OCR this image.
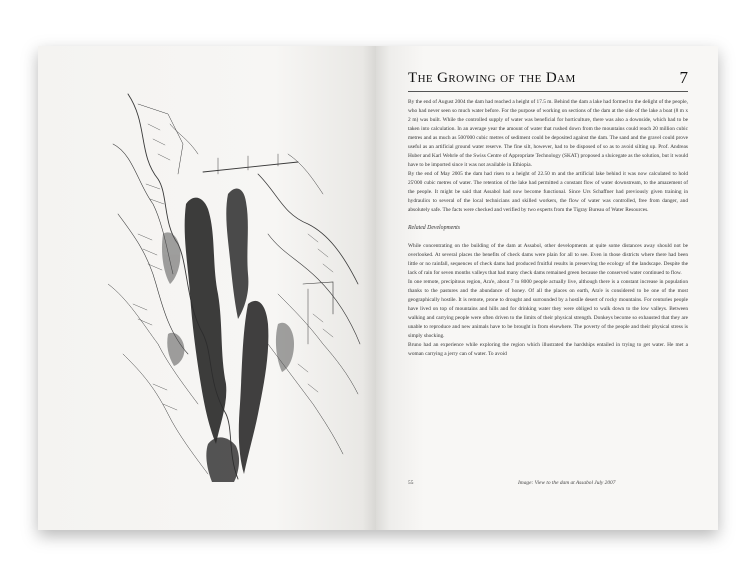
The Growing of the Dam	7

By the end of August 2004 the dam had reached a height of 17.5 m. Behind the dam a lake had formed to the delight of the people, who had never seen so much water before. For the purpose of working on sections of the dam at the side of the lake a boat (8 m x 2 m) was built. While the controlled supply of water was beneficial for horticulture, there was also a downside, which had to be taken into calculation. In an average year the amount of water that rushed down from the mountains could reach 20 million cubic metres and as much as 500'000 cubic metres of sediment could be deposited against the dam. The sand and the gravel could prove useful as an artificial ground water reserve. The fine silt, however, had to be disposed of so as to avoid silting up. Prof. Andreas Huber and Karl Wehrle of the Swiss Centre of Appropriate Technology (SKAT) proposed a sluicegate as the solution, but it would have to be imported since it was not available in Ethiopia.

By the end of May 2005 the dam had risen to a height of 22.50 m and the artificial lake behind it was now calculated to hold 25'000 cubic metres of water. The retention of the lake had permitted a constant flow of water downstream, to the amazement of the people. It might be said that Assabol had now become functional. Since Urs Schaffner had previously given training in hydraulics to several of the local technicians and skilled workers, the flow of water was controlled, free from danger, and absolutely safe. The facts were checked and verified by two experts from the Tigray Bureau of Water Resources.

Related Developments

While concentrating on the building of the dam at Assabol, other developments at quite some distances away should not be overlooked. At several places the benefits of check dams were plain for all to see. Even in those districts where there had been little or no rainfall, sequences of check dams had produced fruitful results in preserving the ecology of the landscape. Despite the lack of rain for seven months valleys that had many check dams remained green because the conserved water continued to flow.

In one remote, precipitous region, Ara'e, about 7 to 8000 people actually live, although there is a constant increase in population thanks to the pastures and the abundance of honey. Of all the places on earth, Ara'e is considered to be one of the most geographically hostile. It is remote, prone to drought and surrounded by a hostile desert of rocky mountains. For centuries people have lived on top of mountains and hills and for drinking water they were obliged to walk down to the low valleys. Between walking and carrying people were often driven to the limits of their physical strength. Donkeys become so exhausted that they are unable to reproduce and new animals have to be brought in from elsewhere. The poverty of the people and their physical stress is simply shocking.

Bruno had an experience while exploring the region which illustrated the hardships entailed in trying to get water. He met a woman carrying a jerry can of water. To avoid

55	Image: View to the dam at Assabol July 2007
